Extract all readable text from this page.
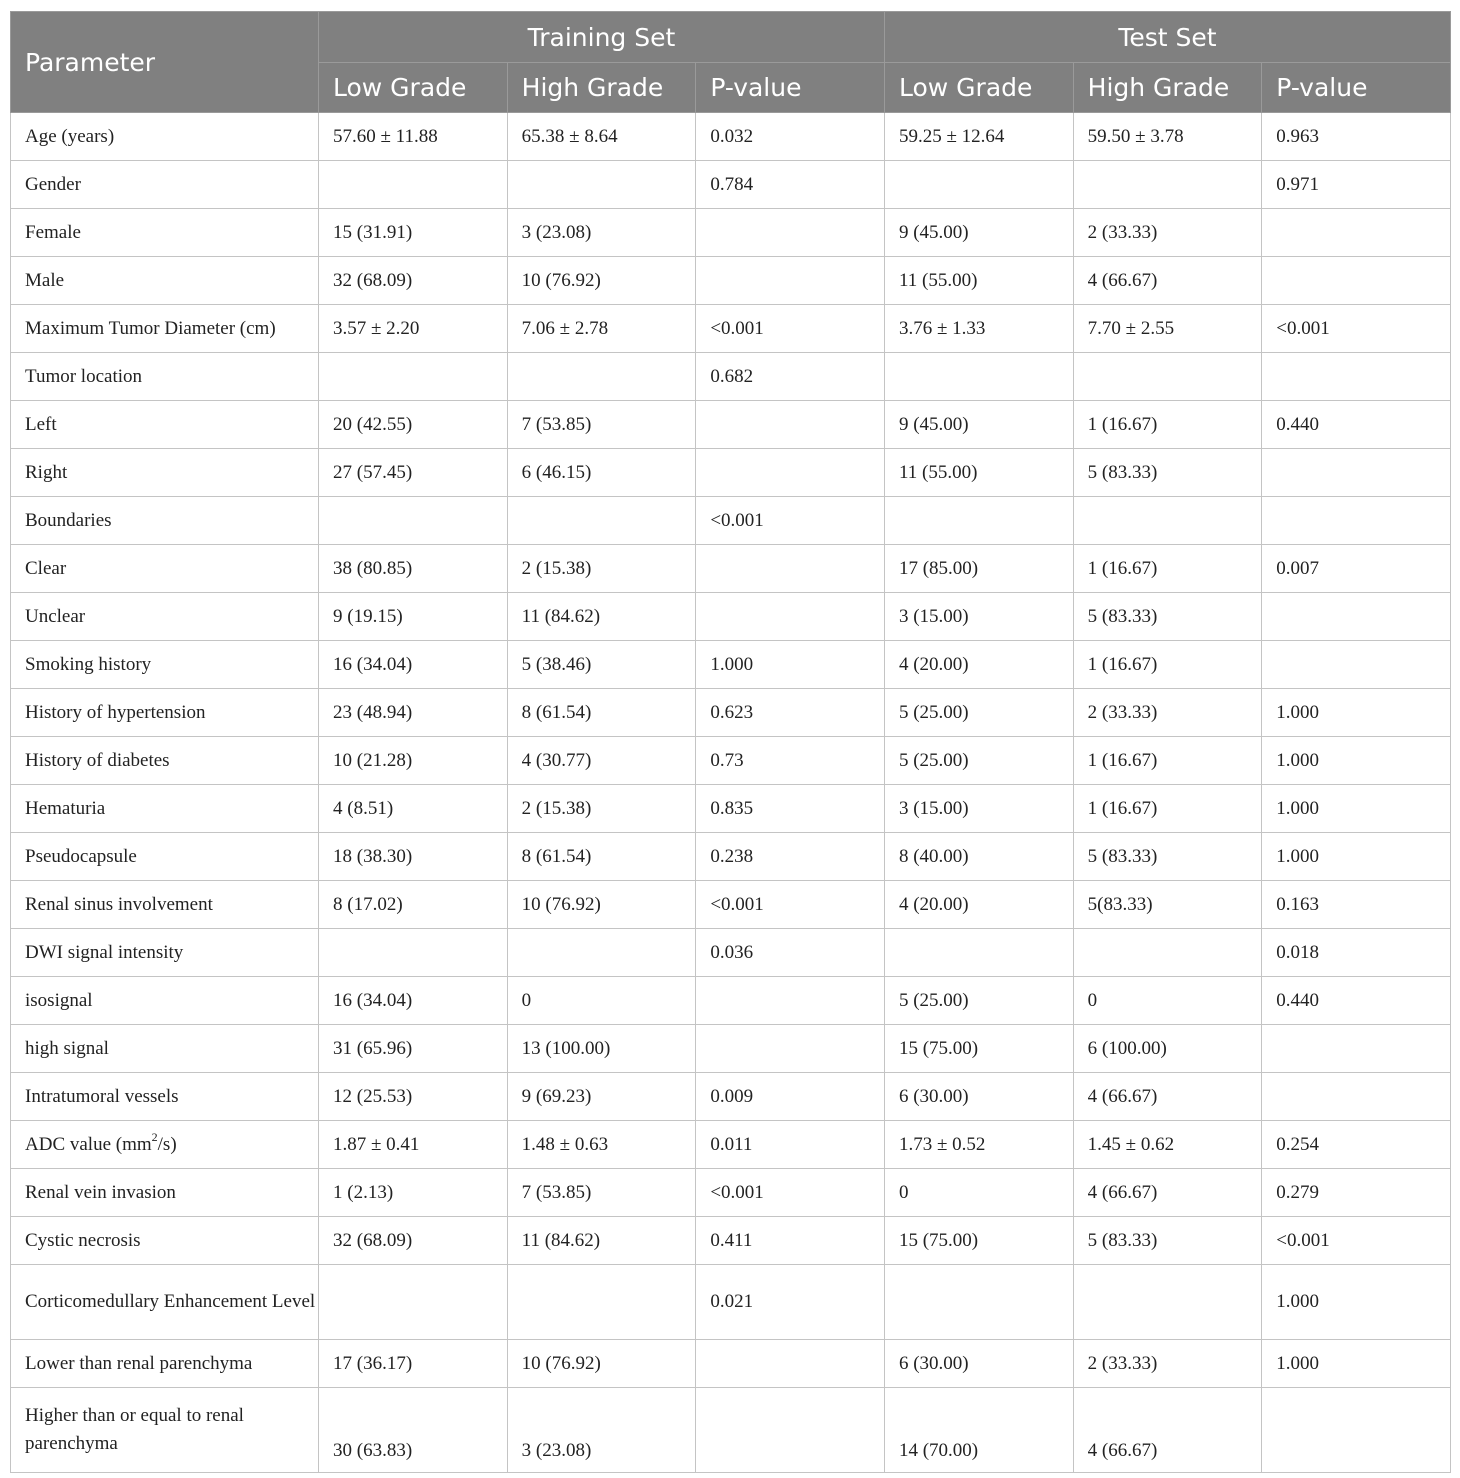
Parameter	Training Set			Test Set		
	Low Grade	High Grade	P-value	Low Grade	High Grade	P-value
Age (years)	57.60 ± 11.88	65.38 ± 8.64	0.032	59.25 ± 12.64	59.50 ± 3.78	0.963
Gender			0.784			0.971
Female	15 (31.91)	3 (23.08)		9 (45.00)	2 (33.33)	
Male	32 (68.09)	10 (76.92)		11 (55.00)	4 (66.67)	
Maximum Tumor Diameter (cm)	3.57 ± 2.20	7.06 ± 2.78	<0.001	3.76 ± 1.33	7.70 ± 2.55	<0.001
Tumor location			0.682			
Left	20 (42.55)	7 (53.85)		9 (45.00)	1 (16.67)	0.440
Right	27 (57.45)	6 (46.15)		11 (55.00)	5 (83.33)	
Boundaries			<0.001			
Clear	38 (80.85)	2 (15.38)		17 (85.00)	1 (16.67)	0.007
Unclear	9 (19.15)	11 (84.62)		3 (15.00)	5 (83.33)	
Smoking history	16 (34.04)	5 (38.46)	1.000	4 (20.00)	1 (16.67)	
History of hypertension	23 (48.94)	8 (61.54)	0.623	5 (25.00)	2 (33.33)	1.000
History of diabetes	10 (21.28)	4 (30.77)	0.73	5 (25.00)	1 (16.67)	1.000
Hematuria	4 (8.51)	2 (15.38)	0.835	3 (15.00)	1 (16.67)	1.000
Pseudocapsule	18 (38.30)	8 (61.54)	0.238	8 (40.00)	5 (83.33)	1.000
Renal sinus involvement	8 (17.02)	10 (76.92)	<0.001	4 (20.00)	5(83.33)	0.163
DWI signal intensity			0.036			0.018
isosignal	16 (34.04)	0		5 (25.00)	0	0.440
high signal	31 (65.96)	13 (100.00)		15 (75.00)	6 (100.00)	
Intratumoral vessels	12 (25.53)	9 (69.23)	0.009	6 (30.00)	4 (66.67)	
ADC value $(mm^2/s)$	1.87 ± 0.41	1.48 ± 0.63	0.011	1.73 ± 0.52	1.45 ± 0.62	0.254
Renal vein invasion	1 (2.13)	7 (53.85)	<0.001	0	4 (66.67)	0.279
Cystic necrosis	32 (68.09)	11 (84.62)	0.411	15 (75.00)	5 (83.33)	<0.001
Corticomedullary Enhancement Level			0.021			1.000
Lower than renal parenchyma	17 (36.17)	10 (76.92)		6 (30.00)	2 (33.33)	1.000
Higher than or equal to renal parenchyma	30 (63.83)	3 (23.08)		14 (70.00)	4 (66.67)	
